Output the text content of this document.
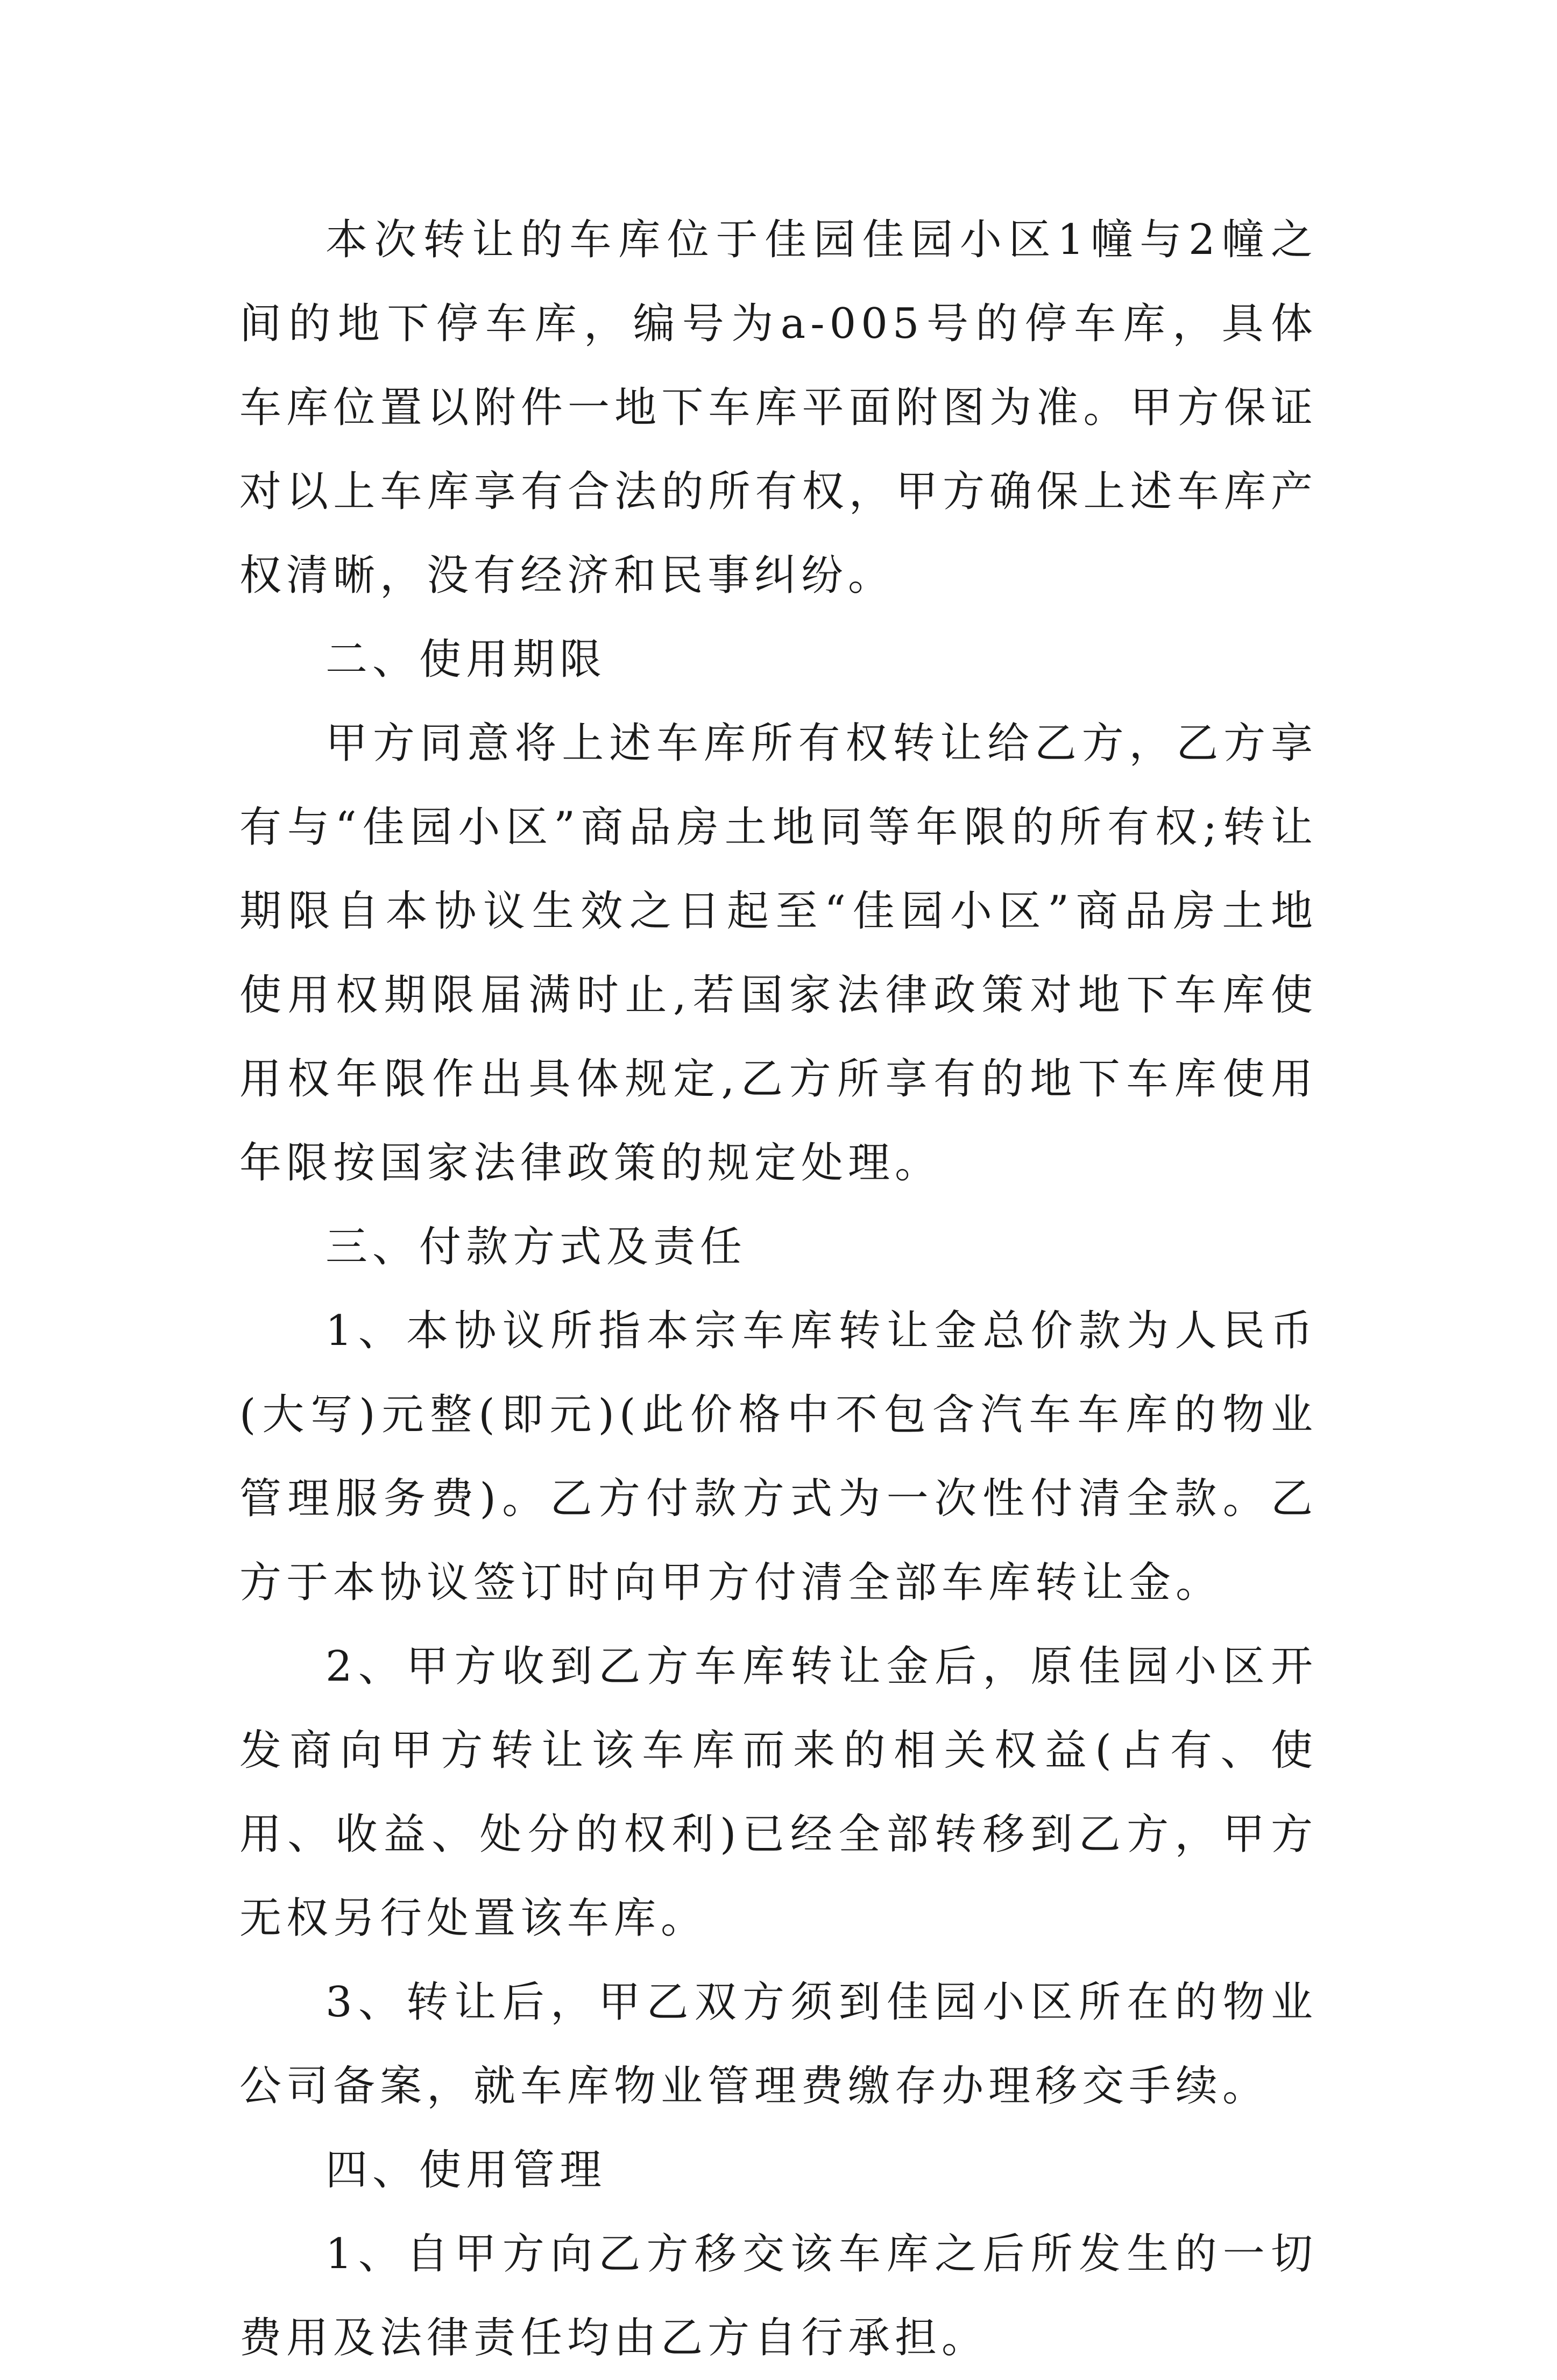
本次转让的车库位于佳园佳园小区1幢与2幢之间的地下停车库，编号为a-005号的停车库，具体车库位置以附件一地下车库平面附图为准。甲方保证对以上车库享有合法的所有权，甲方确保上述车库产权清晰，没有经济和民事纠纷。

二、使用期限

甲方同意将上述车库所有权转让给乙方，乙方享有与“佳园小区”商品房土地同等年限的所有权;转让期限自本协议生效之日起至“佳园小区”商品房土地使用权期限届满时止,若国家法律政策对地下车库使用权年限作出具体规定,乙方所享有的地下车库使用年限按国家法律政策的规定处理。

三、付款方式及责任

1、本协议所指本宗车库转让金总价款为人民币(大写)元整(即元)(此价格中不包含汽车车库的物业管理服务费)。乙方付款方式为一次性付清全款。乙方于本协议签订时向甲方付清全部车库转让金。

2、甲方收到乙方车库转让金后，原佳园小区开发商向甲方转让该车库而来的相关权益(占有、使用、收益、处分的权利)已经全部转移到乙方，甲方无权另行处置该车库。

3、转让后，甲乙双方须到佳园小区所在的物业公司备案，就车库物业管理费缴存办理移交手续。

四、使用管理

1、自甲方向乙方移交该车库之后所发生的一切费用及法律责任均由乙方自行承担。
